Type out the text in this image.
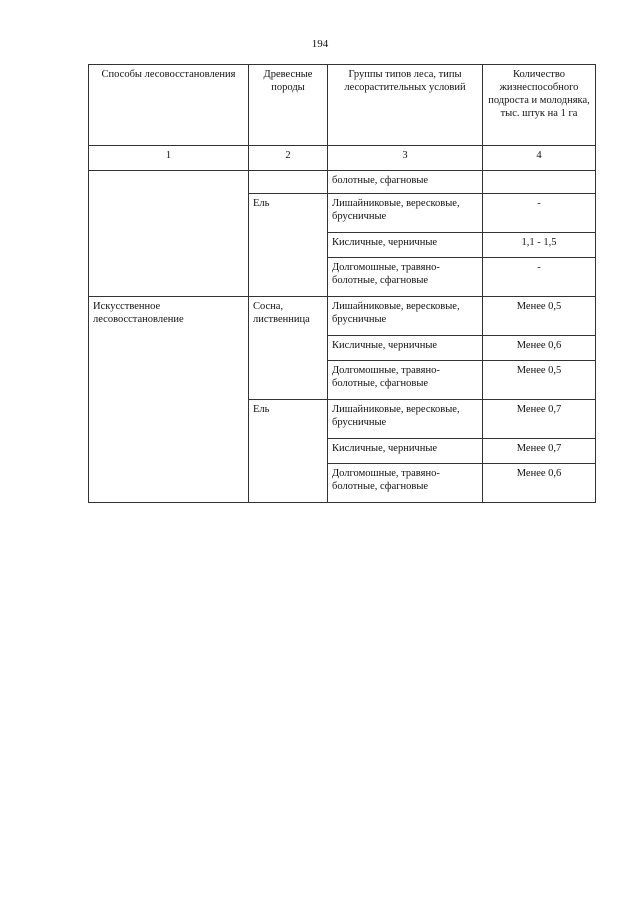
194
Способы лесовосстановления	Древесные породы	Группы типов леса, типы лесорастительных условий	Количество жизнеспособного подроста и молодняка, тыс. штук на 1 га
1	2	3	4
		болотные, сфагновые	
	Ель	Лишайниковые, вересковые, брусничные	-
		Кисличные, черничные	1,1 - 1,5
		Долгомошные, травяно-болотные, сфагновые	-
Искусственное лесовосстановление	Сосна, лиственница	Лишайниковые, вересковые, брусничные	Менее 0,5
		Кисличные, черничные	Менее 0,6
		Долгомошные, травяно-болотные, сфагновые	Менее 0,5
	Ель	Лишайниковые, вересковые, брусничные	Менее 0,7
		Кисличные, черничные	Менее 0,7
		Долгомошные, травяно-болотные, сфагновые	Менее 0,6
